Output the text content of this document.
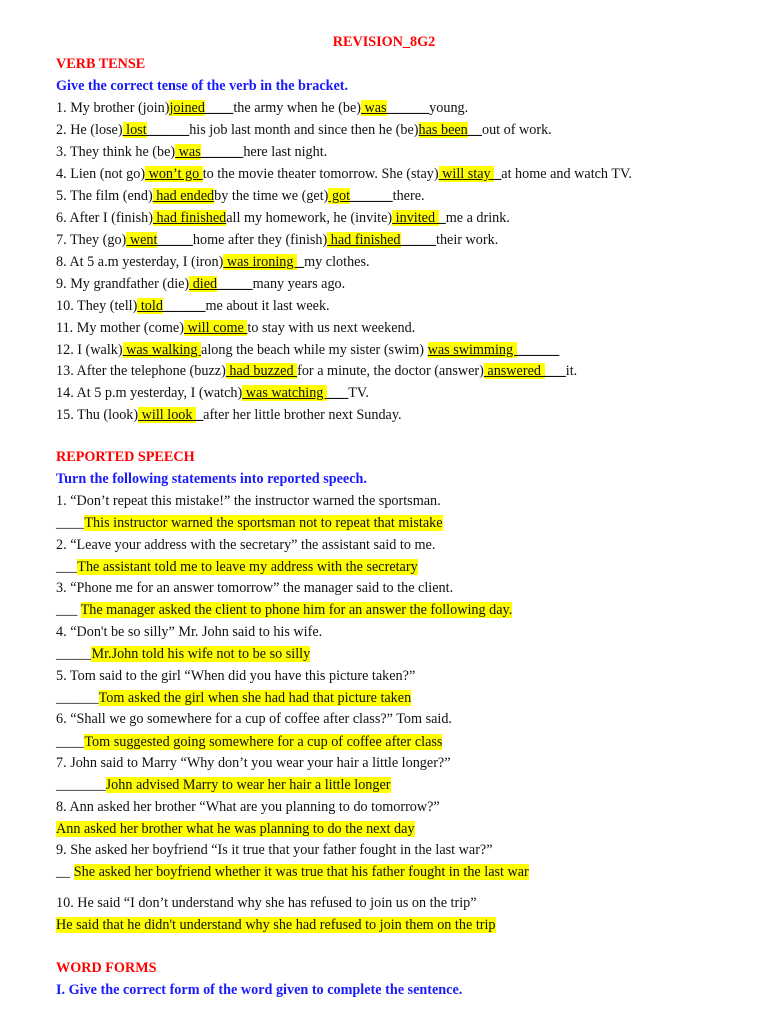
REVISION_8G2
VERB TENSE
Give the correct tense of the verb in the bracket.
1. My brother (join)joined____the army when he (be) was______young.
2. He (lose) lost______his job last month and since then he (be)has been__out of work.
3. They think he (be) was______here last night.
4. Lien (not go) won’t go to the movie theater tomorrow. She (stay) will stay _at home and watch TV.
5. The film (end) had endedby the time we (get) got______there.
6. After I (finish) had finishedall my homework, he (invite) invited _me a drink.
7. They (go) went_____home after they (finish) had finished_____their work.
8. At 5 a.m yesterday, I (iron) was ironing _my clothes.
9. My grandfather (die) died_____many years ago.
10. They (tell) told______me about it last week.
11. My mother (come) will come to stay with us next weekend.
12. I (walk) was walking along the beach while my sister (swim) was swimming ______
13. After the telephone (buzz) had buzzed for a minute, the doctor (answer) answered ___it.
14. At 5 p.m yesterday, I (watch) was watching ___TV.
15. Thu (look) will look _after her little brother next Sunday.
REPORTED SPEECH
Turn the following statements into reported speech.
1. “Don’t repeat this mistake!” the instructor warned the sportsman.
____This instructor warned the sportsman not to repeat that mistake
2. “Leave your address with the secretary” the assistant said to me.
___The assistant told me to leave my address with the secretary
3. “Phone me for an answer tomorrow” the manager said to the client.
___ The manager asked the client to phone him for an answer the following day.
4. “Don't be so silly” Mr. John said to his wife.
_____Mr.John told his wife not to be so silly
5. Tom said to the girl “When did you have this picture taken?”
______Tom asked the girl when she had had that picture taken
6. “Shall we go somewhere for a cup of coffee after class?” Tom said.
____Tom suggested going somewhere for a cup of coffee after class
7. John said to Marry “Why don’t you wear your hair a little longer?”
_______John advised Marry to wear her hair a little longer
8. Ann asked her brother “What are you planning to do tomorrow?”
Ann asked her brother what he was planning to do the next day
9. She asked her boyfriend “Is it true that your father fought in the last war?”
__ She asked her boyfriend whether it was true that his father fought in the last war
10. He said “I don’t understand why she has refused to join us on the trip”
He said that he didn't understand why she had refused to join them on the trip
WORD FORMS
I. Give the correct form of the word given to complete the sentence.
